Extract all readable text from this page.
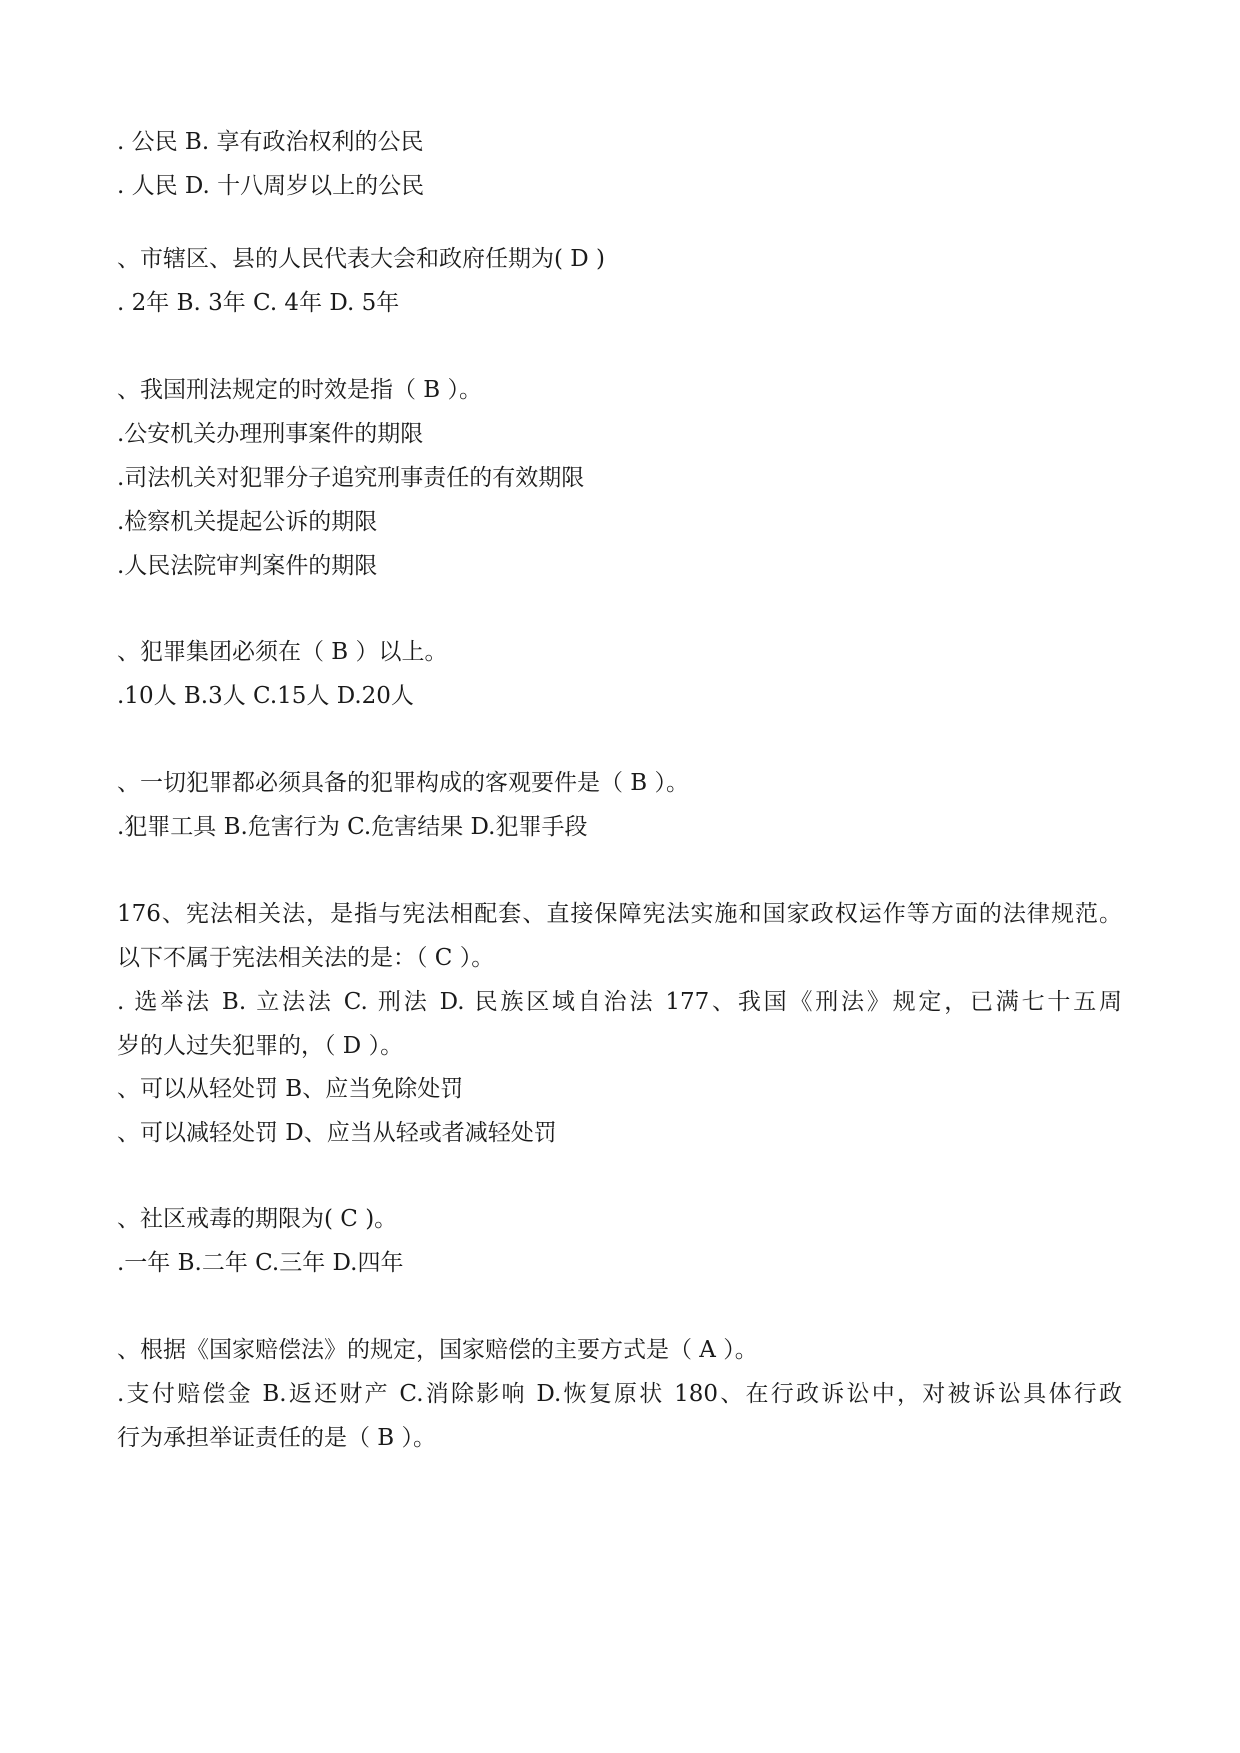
. 公民 B. 享有政治权利的公民
. 人民 D. 十八周岁以上的公民
、市辖区、县的人民代表大会和政府任期为( D )
. 2年 B. 3年 C. 4年 D. 5年
、我国刑法规定的时效是指（ B ）。
.公安机关办理刑事案件的期限
.司法机关对犯罪分子追究刑事责任的有效期限
.检察机关提起公诉的期限
.人民法院审判案件的期限
、犯罪集团必须在（ B ）以上。
.10人 B.3人 C.15人 D.20人
、一切犯罪都必须具备的犯罪构成的客观要件是（ B ）。
.犯罪工具 B.危害行为 C.危害结果 D.犯罪手段
176、宪法相关法，是指与宪法相配套、直接保障宪法实施和国家政权运作等方面的法律规范。
以下不属于宪法相关法的是：（ C ）。
. 选举法 B. 立法法 C. 刑法 D. 民族区域自治法 177、我国《刑法》规定，已满七十五周
岁的人过失犯罪的，（ D ）。
、可以从轻处罚 B、应当免除处罚
、可以减轻处罚 D、应当从轻或者减轻处罚
、社区戒毒的期限为( C )。
.一年 B.二年 C.三年 D.四年
、根据《国家赔偿法》的规定，国家赔偿的主要方式是（ A ）。
.支付赔偿金 B.返还财产 C.消除影响 D.恢复原状 180、在行政诉讼中，对被诉讼具体行政
行为承担举证责任的是（ B ）。
